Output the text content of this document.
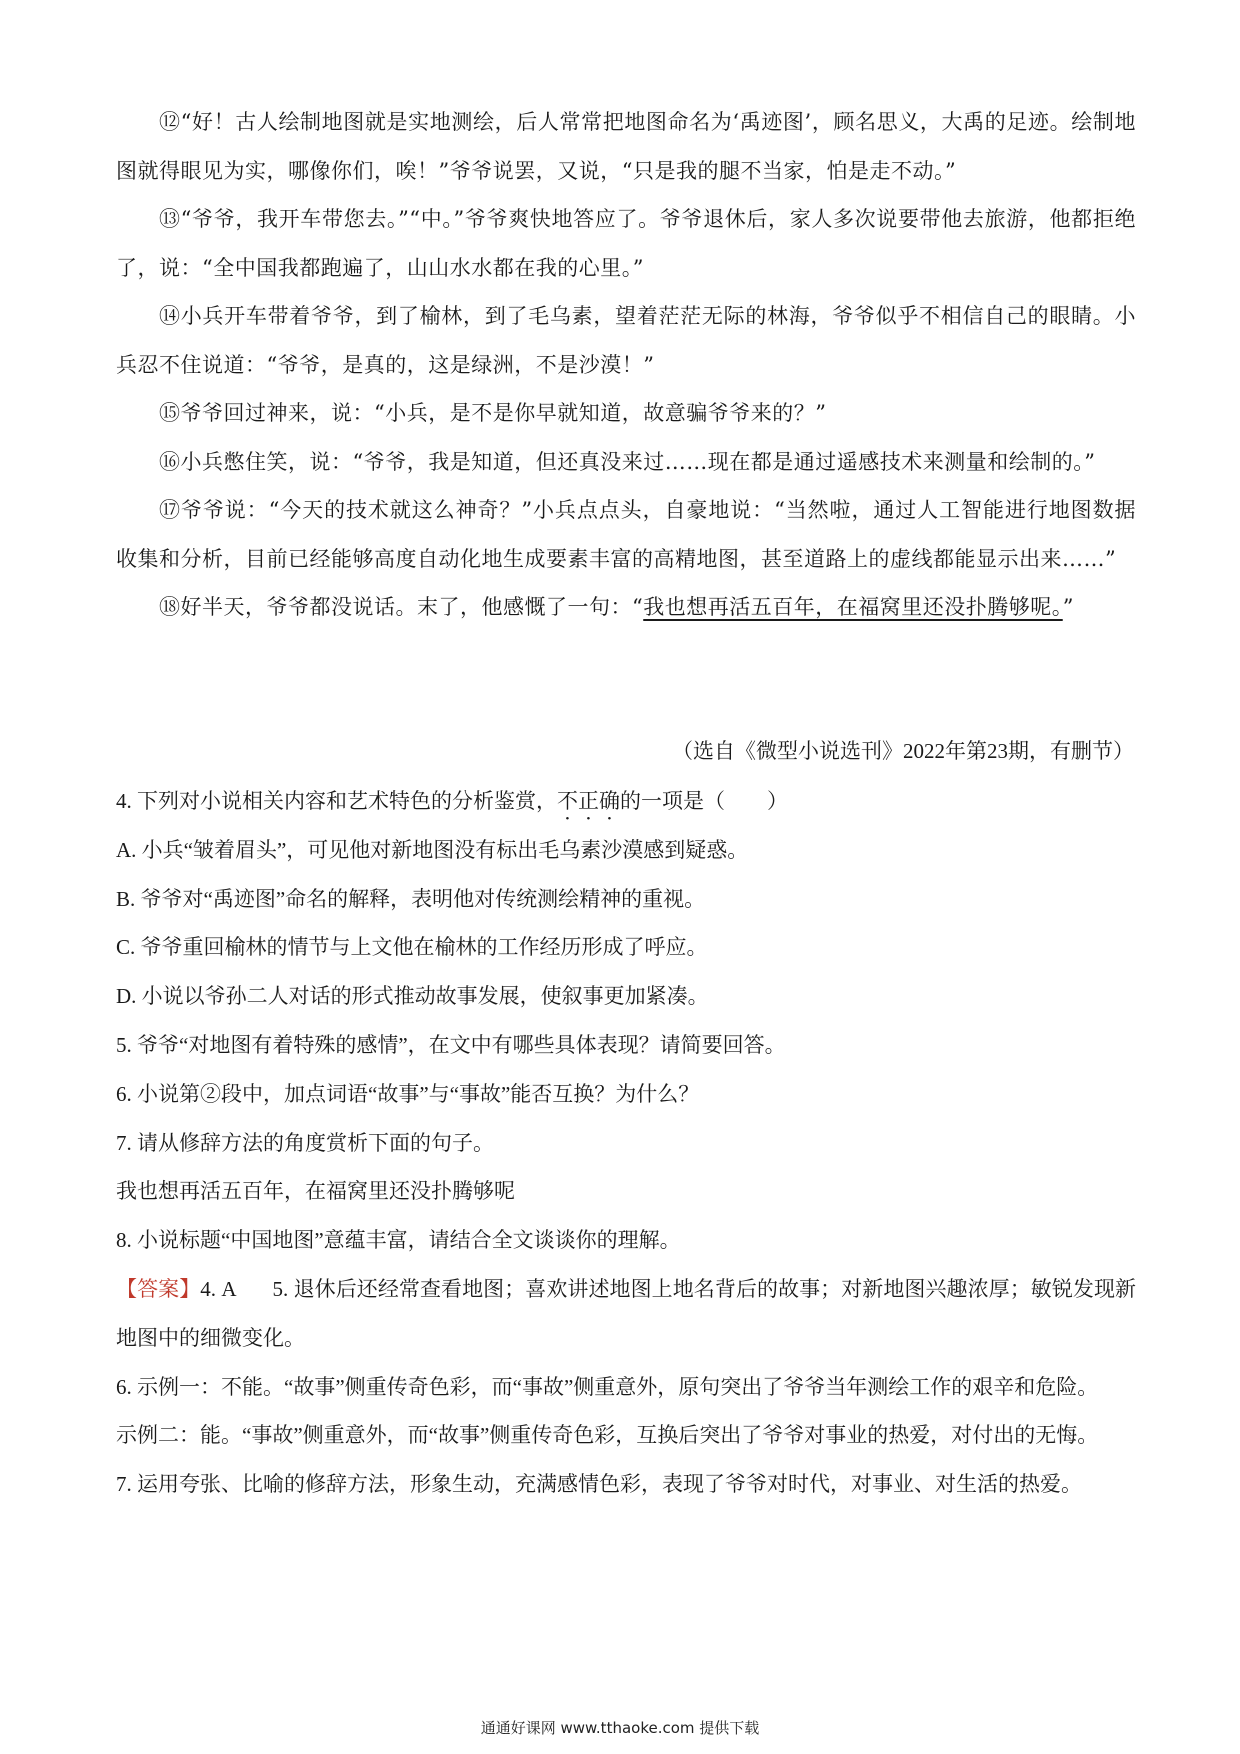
⑫“好！古人绘制地图就是实地测绘，后人常常把地图命名为‘禹迹图’，顾名思义，大禹的足迹。绘制地图就得眼见为实，哪像你们，唉！”爷爷说罢，又说，“只是我的腿不当家，怕是走不动。”

⑬“爷爷，我开车带您去。”“中。”爷爷爽快地答应了。爷爷退休后，家人多次说要带他去旅游，他都拒绝了，说：“全中国我都跑遍了，山山水水都在我的心里。”

⑭小兵开车带着爷爷，到了榆林，到了毛乌素，望着茫茫无际的林海，爷爷似乎不相信自己的眼睛。小兵忍不住说道：“爷爷，是真的，这是绿洲，不是沙漠！”

⑮爷爷回过神来，说：“小兵，是不是你早就知道，故意骗爷爷来的？”

⑯小兵憋住笑，说：“爷爷，我是知道，但还真没来过……现在都是通过遥感技术来测量和绘制的。”

⑰爷爷说：“今天的技术就这么神奇？”小兵点点头，自豪地说：“当然啦，通过人工智能进行地图数据收集和分析，目前已经能够高度自动化地生成要素丰富的高精地图，甚至道路上的虚线都能显示出来……”

⑱好半天，爷爷都没说话。末了，他感慨了一句：“我也想再活五百年，在福窝里还没扑腾够呢。”

（选自《微型小说选刊》2022年第23期，有删节）

4. 下列对小说相关内容和艺术特色的分析鉴赏，不正确的一项是（　　）

A. 小兵“皱着眉头”，可见他对新地图没有标出毛乌素沙漠感到疑惑。

B. 爷爷对“禹迹图”命名的解释，表明他对传统测绘精神的重视。

C. 爷爷重回榆林的情节与上文他在榆林的工作经历形成了呼应。

D. 小说以爷孙二人对话的形式推动故事发展，使叙事更加紧凑。

5. 爷爷“对地图有着特殊的感情”，在文中有哪些具体表现？请简要回答。

6. 小说第②段中，加点词语“故事”与“事故”能否互换？为什么？

7. 请从修辞方法的角度赏析下面的句子。

我也想再活五百年，在福窝里还没扑腾够呢

8. 小说标题“中国地图”意蕴丰富，请结合全文谈谈你的理解。

【答案】4. A 5. 退休后还经常查看地图；喜欢讲述地图上地名背后的故事；对新地图兴趣浓厚；敏锐发现新地图中的细微变化。

6. 示例一：不能。“故事”侧重传奇色彩，而“事故”侧重意外，原句突出了爷爷当年测绘工作的艰辛和危险。

示例二：能。“事故”侧重意外，而“故事”侧重传奇色彩，互换后突出了爷爷对事业的热爱，对付出的无悔。

7. 运用夸张、比喻的修辞方法，形象生动，充满感情色彩，表现了爷爷对时代，对事业、对生活的热爱。

通通好课网 www.tthaoke.com 提供下载
